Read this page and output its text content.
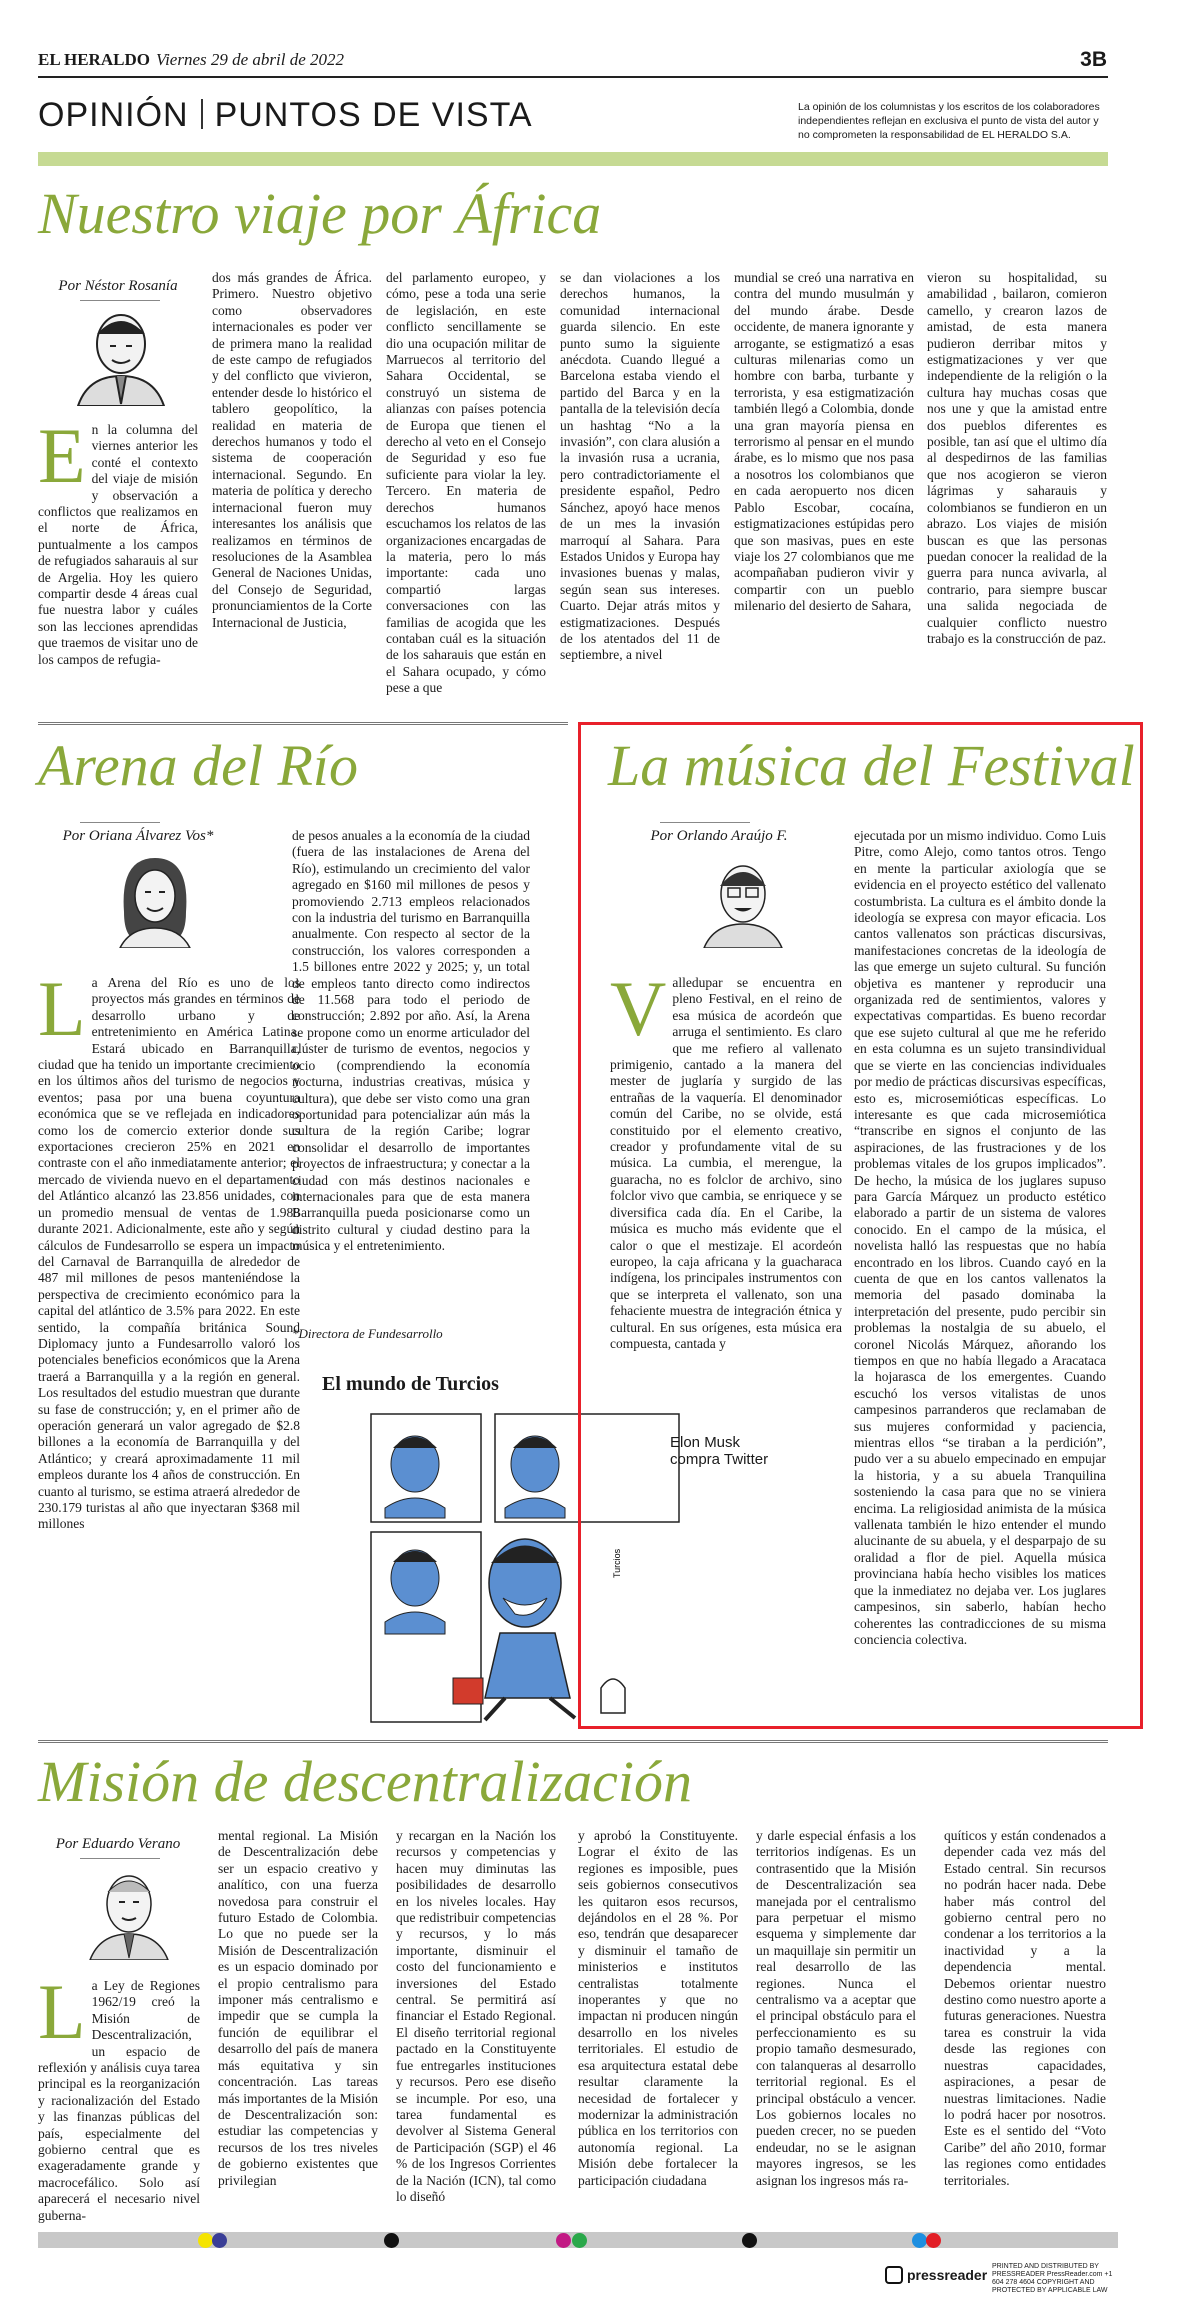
EL HERALDO Viernes 29 de abril de 2022	3B
OPINIÓN PUNTOS DE VISTA	La opinión de los columnistas y los escritos de los colaboradores independientes reflejan en exclusiva el punto de vista del autor y no comprometen la responsabilidad de EL HERALDO S.A.
Nuestro viaje por África
Por Néstor Rosanía
E n la columna del viernes anterior les conté el contexto del viaje de misión y observación a conflictos que realizamos en el norte de África, puntualmente a los campos de refugiados saharauis al sur de Argelia. Hoy les quiero compartir desde 4 áreas cual fue nuestra labor y cuáles son las lecciones aprendidas que traemos de visitar uno de los campos de refugia-

dos más grandes de África. Primero. Nuestro objetivo como observadores internacionales es poder ver de primera mano la realidad de este campo de refugiados y del conflicto que vivieron, entender desde lo histórico el tablero geopolítico, la realidad en materia de derechos humanos y todo el sistema de cooperación internacional. Segundo. En materia de política y derecho internacional fueron muy interesantes los análisis que realizamos en términos de resoluciones de la Asamblea General de Naciones Unidas, del Consejo de Seguridad, pronunciamientos de la Corte Internacional de Justicia,

del parlamento europeo, y cómo, pese a toda una serie de legislación, en este conflicto sencillamente se dio una ocupación militar de Marruecos al territorio del Sahara Occidental, se construyó un sistema de alianzas con países potencia de Europa que tienen el derecho al veto en el Consejo de Seguridad y eso fue suficiente para violar la ley. Tercero. En materia de derechos humanos escuchamos los relatos de las organizaciones encargadas de la materia, pero lo más importante: cada uno compartió largas conversaciones con las familias de acogida que les contaban cuál es la situación de los saharauis que están en el Sahara ocupado, y cómo pese a que

se dan violaciones a los derechos humanos, la comunidad internacional guarda silencio. En este punto sumo la siguiente anécdota. Cuando llegué a Barcelona estaba viendo el partido del Barca y en la pantalla de la televisión decía un hashtag “No a la invasión”, con clara alusión a la invasión rusa a ucrania, pero contradictoriamente el presidente español, Pedro Sánchez, apoyó hace menos de un mes la invasión marroquí al Sahara. Para Estados Unidos y Europa hay invasiones buenas y malas, según sean sus intereses. Cuarto. Dejar atrás mitos y estigmatizaciones. Después de los atentados del 11 de septiembre, a nivel

mundial se creó una narrativa en contra del mundo musulmán y del mundo árabe. Desde occidente, de manera ignorante y arrogante, se estigmatizó a esas culturas milenarias como un hombre con barba, turbante y terrorista, y esa estigmatización también llegó a Colombia, donde una gran mayoría piensa en terrorismo al pensar en el mundo árabe, es lo mismo que nos pasa a nosotros los colombianos que en cada aeropuerto nos dicen Pablo Escobar, cocaína, estigmatizaciones estúpidas pero que son masivas, pues en este viaje los 27 colombianos que me acompañaban pudieron vivir y compartir con un pueblo milenario del desierto de Sahara,

vieron su hospitalidad, su amabilidad , bailaron, comieron camello, y crearon lazos de amistad, de esta manera pudieron derribar mitos y estigmatizaciones y ver que independiente de la religión o la cultura hay muchas cosas que nos une y que la amistad entre dos pueblos diferentes es posible, tan así que el ultimo día al despedirnos de las familias que nos acogieron se vieron lágrimas y saharauis y colombianos se fundieron en un abrazo. Los viajes de misión buscan es que las personas puedan conocer la realidad de la guerra para nunca avivarla, al contrario, para siempre buscar una salida negociada de cualquier conflicto nuestro trabajo es la construcción de paz.

Arena del Río
Por Oriana Álvarez Vos*
L a Arena del Río es uno de los proyectos más grandes en términos de desarrollo urbano y de entretenimiento en América Latina. Estará ubicado en Barranquilla, ciudad que ha tenido un importante crecimiento en los últimos años del turismo de negocios y eventos; pasa por una buena coyuntura económica que se ve reflejada en indicadores como los de comercio exterior donde sus exportaciones crecieron 25% en 2021 en contraste con el año inmediatamente anterior; el mercado de vivienda nuevo en el departamento del Atlántico alcanzó las 23.856 unidades, con un promedio mensual de ventas de 1.988 durante 2021. Adicionalmente, este año y según cálculos de Fundesarrollo se espera un impacto del Carnaval de Barranquilla de alrededor de 487 mil millones de pesos manteniéndose la perspectiva de crecimiento económico para la capital del atlántico de 3.5% para 2022. En este sentido, la compañía británica Sound Diplomacy junto a Fundesarrollo valoró los potenciales beneficios económicos que la Arena traerá a Barranquilla y a la región en general. Los resultados del estudio muestran que durante su fase de construcción; y, en el primer año de operación generará un valor agregado de $2.8 billones a la economía de Barranquilla y del Atlántico; y creará aproximadamente 11 mil empleos durante los 4 años de construcción. En cuanto al turismo, se estima atraerá alrededor de 230.179 turistas al año que inyectaran $368 mil millones

de pesos anuales a la economía de la ciudad (fuera de las instalaciones de Arena del Río), estimulando un crecimiento del valor agregado en $160 mil millones de pesos y promoviendo 2.713 empleos relacionados con la industria del turismo en Barranquilla anualmente. Con respecto al sector de la construcción, los valores corresponden a 1.5 billones entre 2022 y 2025; y, un total de empleos tanto directo como indirectos de 11.568 para todo el periodo de construcción; 2.892 por año. Así, la Arena se propone como un enorme articulador del clúster de turismo de eventos, negocios y ocio (comprendiendo la economía nocturna, industrias creativas, música y cultura), que debe ser visto como una gran oportunidad para potencializar aún más la cultura de la región Caribe; lograr consolidar el desarrollo de importantes proyectos de infraestructura; y conectar a la ciudad con más destinos nacionales e internacionales para que de esta manera Barranquilla pueda posicionarse como un distrito cultural y ciudad destino para la música y el entretenimiento.

*Directora de Fundesarrollo
El mundo de Turcios
Turcios
Elon Musk compra Twitter
La música del Festival
Por Orlando Araújo F.
V alledupar se encuentra en pleno Festival, en el reino de esa música de acordeón que arruga el sentimiento. Es claro que me refiero al vallenato primigenio, cantado a la manera del mester de juglaría y surgido de las entrañas de la vaquería. El denominador común del Caribe, no se olvide, está constituido por el elemento creativo, creador y profundamente vital de su música. La cumbia, el merengue, la guaracha, no es folclor de archivo, sino folclor vivo que cambia, se enriquece y se diversifica cada día. En el Caribe, la música es mucho más evidente que el calor o que el mestizaje. El acordeón europeo, la caja africana y la guacharaca indígena, los principales instrumentos con que se interpreta el vallenato, son una fehaciente muestra de integración étnica y cultural. En sus orígenes, esta música era compuesta, cantada y

ejecutada por un mismo individuo. Como Luis Pitre, como Alejo, como tantos otros. Tengo en mente la particular axiología que se evidencia en el proyecto estético del vallenato costumbrista. La cultura es el ámbito donde la ideología se expresa con mayor eficacia. Los cantos vallenatos son prácticas discursivas, manifestaciones concretas de la ideología de las que emerge un sujeto cultural. Su función objetiva es mantener y reproducir una organizada red de sentimientos, valores y expectativas compartidas. Es bueno recordar que ese sujeto cultural al que me he referido en esta columna es un sujeto transindividual que se vierte en las conciencias individuales por medio de prácticas discursivas específicas, esto es, microsemióticas específicas. Lo interesante es que cada microsemiótica “transcribe en signos el conjunto de las aspiraciones, de las frustraciones y de los problemas vitales de los grupos implicados”. De hecho, la música de los juglares supuso para García Márquez un producto estético elaborado a partir de un sistema de valores conocido. En el campo de la música, el novelista halló las respuestas que no había encontrado en los libros. Cuando cayó en la cuenta de que en los cantos vallenatos la memoria del pasado dominaba la interpretación del presente, pudo percibir sin problemas la nostalgia de su abuelo, el coronel Nicolás Márquez, añorando los tiempos en que no había llegado a Aracataca la hojarasca de los emergentes. Cuando escuchó los versos vitalistas de unos campesinos parranderos que reclamaban de sus mujeres conformidad y paciencia, mientras ellos “se tiraban a la perdición”, pudo ver a su abuelo empecinado en empujar la historia, y a su abuela Tranquilina sosteniendo la casa para que no se viniera encima. La religiosidad animista de la música vallenata también le hizo entender el mundo alucinante de su abuela, y el desparpajo de su oralidad a flor de piel. Aquella música provinciana había hecho visibles los matices que la inmediatez no dejaba ver. Los juglares campesinos, sin saberlo, habían hecho coherentes las contradicciones de su misma conciencia colectiva.

Misión de descentralización
Por Eduardo Verano
L a Ley de Regiones 1962/19 creó la Misión de Descentralización, un espacio de reflexión y análisis cuya tarea principal es la reorganización y racionalización del Estado y las finanzas públicas del país, especialmente del gobierno central que es exageradamente grande y macrocefálico. Solo así aparecerá el necesario nivel guberna-

mental regional. La Misión de Descentralización debe ser un espacio creativo y analítico, con una fuerza novedosa para construir el futuro Estado de Colombia. Lo que no puede ser la Misión de Descentralización es un espacio dominado por el propio centralismo para imponer más centralismo e impedir que se cumpla la función de equilibrar el desarrollo del país de manera más equitativa y sin concentración. Las tareas más importantes de la Misión de Descentralización son: estudiar las competencias y recursos de los tres niveles de gobierno existentes que privilegian

y recargan en la Nación los recursos y competencias y hacen muy diminutas las posibilidades de desarrollo en los niveles locales. Hay que redistribuir competencias y recursos, y lo más importante, disminuir el costo del funcionamiento e inversiones del Estado central. Se permitirá así financiar el Estado Regional. El diseño territorial regional pactado en la Constituyente fue entregarles instituciones y recursos. Pero ese diseño se incumple. Por eso, una tarea fundamental es devolver al Sistema General de Participación (SGP) el 46 % de los Ingresos Corrientes de la Nación (ICN), tal como lo diseñó

y aprobó la Constituyente. Lograr el éxito de las regiones es imposible, pues seis gobiernos consecutivos les quitaron esos recursos, dejándolos en el 28 %. Por eso, tendrán que desaparecer y disminuir el tamaño de ministerios e institutos centralistas totalmente inoperantes y que no impactan ni producen ningún desarrollo en los niveles territoriales. El estudio de esa arquitectura estatal debe resultar claramente la necesidad de fortalecer y modernizar la administración pública en los territorios con autonomía regional. La Misión debe fortalecer la participación ciudadana

y darle especial énfasis a los territorios indígenas. Es un contrasentido que la Misión de Descentralización sea manejada por el centralismo para perpetuar el mismo esquema y simplemente dar un maquillaje sin permitir un real desarrollo de las regiones. Nunca el centralismo va a aceptar que el principal obstáculo para el perfeccionamiento es su propio tamaño desmesurado, con talanqueras al desarrollo territorial regional. Es el principal obstáculo a vencer. Los gobiernos locales no pueden crecer, no se pueden endeudar, no se le asignan mayores ingresos, se les asignan los ingresos más ra-

quíticos y están condenados a depender cada vez más del Estado central. Sin recursos no podrán hacer nada. Debe haber más control del gobierno central pero no condenar a los territorios a la inactividad y a la dependencia mental. Debemos orientar nuestro destino como nuestro aporte a futuras generaciones. Nuestra tarea es construir la vida desde las regiones con nuestras capacidades, aspiraciones, a pesar de nuestras limitaciones. Nadie lo podrá hacer por nosotros. Este es el sentido del “Voto Caribe” del año 2010, formar las regiones como entidades territoriales.

pressreader
PRINTED AND DISTRIBUTED BY PRESSREADER PressReader.com +1 604 278 4604 COPYRIGHT AND PROTECTED BY APPLICABLE LAW
